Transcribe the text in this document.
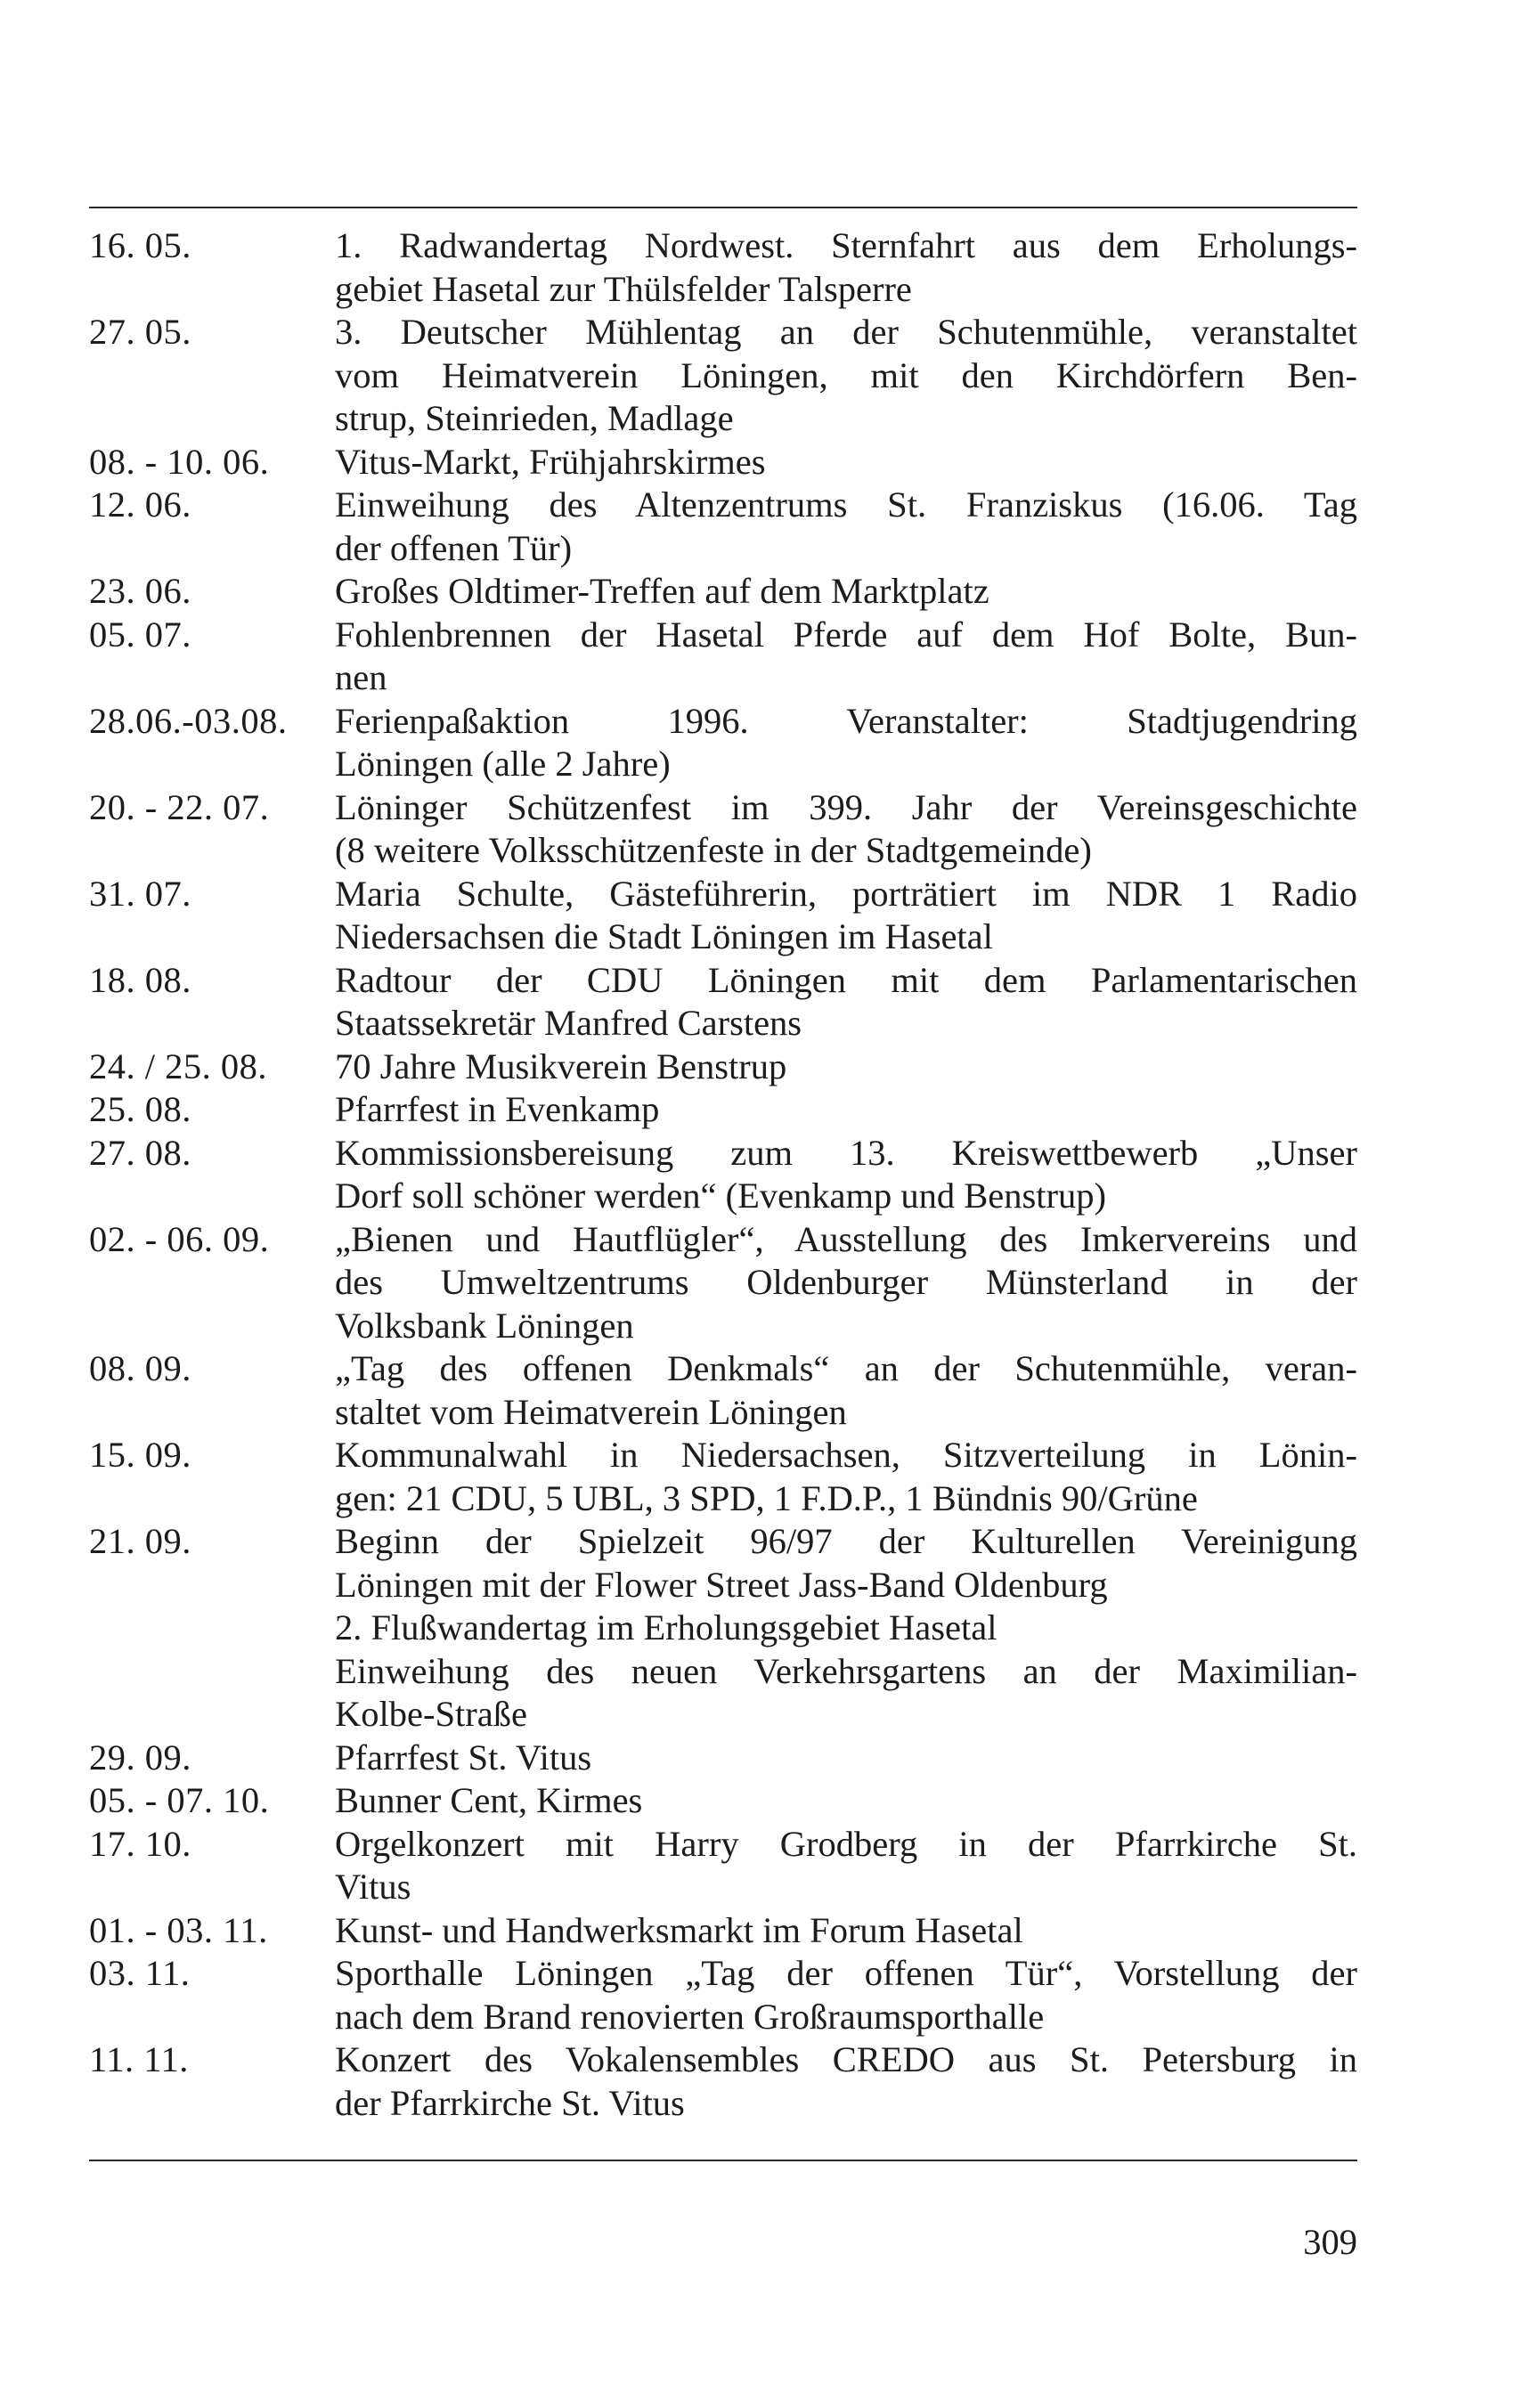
16. 05.	1. Radwandertag Nordwest. Sternfahrt aus dem Erholungs-
gebiet Hasetal zur Thülsfelder Talsperre
27. 05.	3. Deutscher Mühlentag an der Schutenmühle, veranstaltet
vom Heimatverein Löningen, mit den Kirchdörfern Ben-
strup, Steinrieden, Madlage
08. - 10. 06.	Vitus-Markt, Frühjahrskirmes
12. 06.	Einweihung des Altenzentrums St. Franziskus (16.06. Tag
der offenen Tür)
23. 06.	Großes Oldtimer-Treffen auf dem Marktplatz
05. 07.	Fohlenbrennen der Hasetal Pferde auf dem Hof Bolte, Bun-
nen
28.06.-03.08.	Ferienpaßaktion 1996. Veranstalter: Stadtjugendring
Löningen (alle 2 Jahre)
20. - 22. 07.	Löninger Schützenfest im 399. Jahr der Vereinsgeschichte
(8 weitere Volksschützenfeste in der Stadtgemeinde)
31. 07.	Maria Schulte, Gästeführerin, porträtiert im NDR 1 Radio
Niedersachsen die Stadt Löningen im Hasetal
18. 08.	Radtour der CDU Löningen mit dem Parlamentarischen
Staatssekretär Manfred Carstens
24. / 25. 08.	70 Jahre Musikverein Benstrup
25. 08.	Pfarrfest in Evenkamp
27. 08.	Kommissionsbereisung zum 13. Kreiswettbewerb „Unser
Dorf soll schöner werden“ (Evenkamp und Benstrup)
02. - 06. 09.	„Bienen und Hautflügler“, Ausstellung des Imkervereins und
des Umweltzentrums Oldenburger Münsterland in der
Volksbank Löningen
08. 09.	„Tag des offenen Denkmals“ an der Schutenmühle, veran-
staltet vom Heimatverein Löningen
15. 09.	Kommunalwahl in Niedersachsen, Sitzverteilung in Lönin-
gen: 21 CDU, 5 UBL, 3 SPD, 1 F.D.P., 1 Bündnis 90/Grüne
21. 09.	Beginn der Spielzeit 96/97 der Kulturellen Vereinigung
Löningen mit der Flower Street Jass-Band Oldenburg
2. Flußwandertag im Erholungsgebiet Hasetal
Einweihung des neuen Verkehrsgartens an der Maximilian-
Kolbe-Straße
29. 09.	Pfarrfest St. Vitus
05. - 07. 10.	Bunner Cent, Kirmes
17. 10.	Orgelkonzert mit Harry Grodberg in der Pfarrkirche St.
Vitus
01. - 03. 11.	Kunst- und Handwerksmarkt im Forum Hasetal
03. 11.	Sporthalle Löningen „Tag der offenen Tür“, Vorstellung der
nach dem Brand renovierten Großraumsporthalle
11. 11.	Konzert des Vokalensembles CREDO aus St. Petersburg in
der Pfarrkirche St. Vitus
309
